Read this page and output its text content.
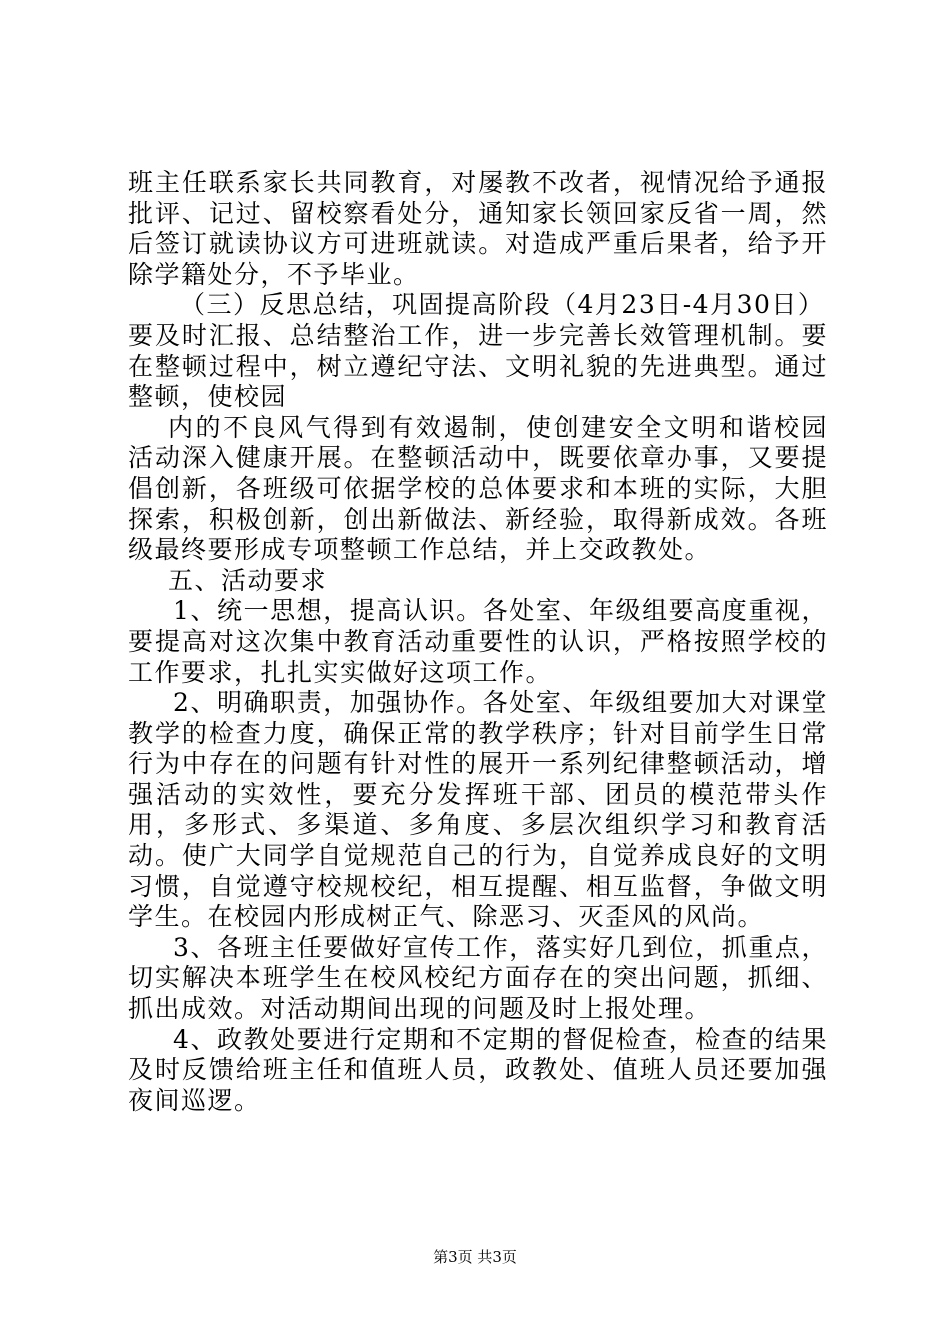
班主任联系家长共同教育，对屡教不改者，视情况给予通报批评、记过、留校察看处分，通知家长领回家反省一周，然后签订就读协议方可进班就读。对造成严重后果者，给予开除学籍处分，不予毕业。

（三）反思总结，巩固提高阶段（4月23日-4月30日）

要及时汇报、总结整治工作，进一步完善长效管理机制。要在整顿过程中，树立遵纪守法、文明礼貌的先进典型。通过整顿，使校园

内的不良风气得到有效遏制，使创建安全文明和谐校园活动深入健康开展。在整顿活动中，既要依章办事，又要提倡创新，各班级可依据学校的总体要求和本班的实际，大胆探索，积极创新，创出新做法、新经验，取得新成效。各班级最终要形成专项整顿工作总结，并上交政教处。

五、活动要求

1、统一思想，提高认识。各处室、年级组要高度重视，要提高对这次集中教育活动重要性的认识，严格按照学校的工作要求，扎扎实实做好这项工作。

2、明确职责，加强协作。各处室、年级组要加大对课堂教学的检查力度，确保正常的教学秩序；针对目前学生日常行为中存在的问题有针对性的展开一系列纪律整顿活动，增强活动的实效性，要充分发挥班干部、团员的模范带头作用，多形式、多渠道、多角度、多层次组织学习和教育活动。使广大同学自觉规范自己的行为，自觉养成良好的文明习惯，自觉遵守校规校纪，相互提醒、相互监督，争做文明学生。在校园内形成树正气、除恶习、灭歪风的风尚。

3、各班主任要做好宣传工作，落实好几到位，抓重点，切实解决本班学生在校风校纪方面存在的突出问题，抓细、抓出成效。对活动期间出现的问题及时上报处理。

4、政教处要进行定期和不定期的督促检查，检查的结果及时反馈给班主任和值班人员，政教处、值班人员还要加强夜间巡逻。

第3页 共3页
